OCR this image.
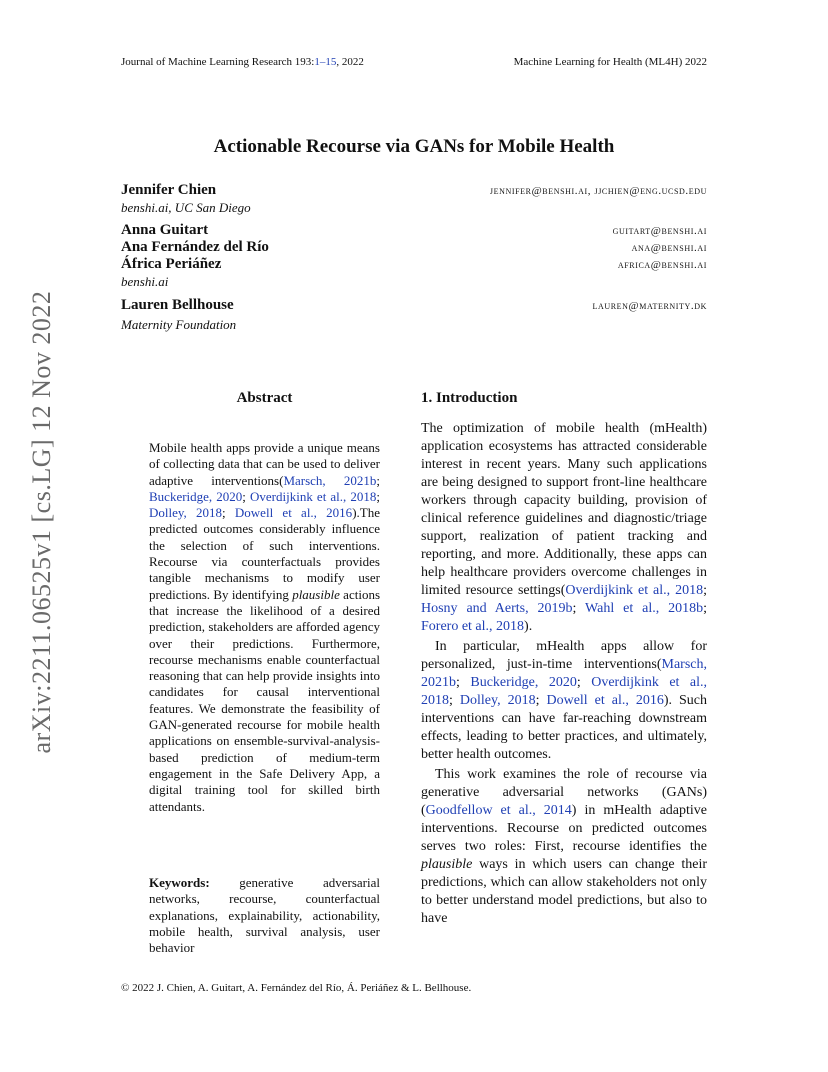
Journal of Machine Learning Research 193:1–15, 2022	Machine Learning for Health (ML4H) 2022
arXiv:2211.06525v1 [cs.LG] 12 Nov 2022
Actionable Recourse via GANs for Mobile Health
Jennifer Chien	jennifer@benshi.ai, jjchien@eng.ucsd.edu
benshi.ai, UC San Diego
Anna Guitart	guitart@benshi.ai
Ana Fernández del Río	ana@benshi.ai
África Periáñez	africa@benshi.ai
benshi.ai
Lauren Bellhouse	lauren@maternity.dk
Maternity Foundation
Abstract
Mobile health apps provide a unique means of collecting data that can be used to deliver adaptive interventions(Marsch, 2021b; Buckeridge, 2020; Overdijkink et al., 2018; Dolley, 2018; Dowell et al., 2016).The predicted outcomes considerably influence the selection of such interventions. Recourse via counterfactuals provides tangible mechanisms to modify user predictions. By identifying plausible actions that increase the likelihood of a desired prediction, stakeholders are afforded agency over their predictions. Furthermore, recourse mechanisms enable counterfactual reasoning that can help provide insights into candidates for causal interventional features. We demonstrate the feasibility of GAN-generated recourse for mobile health applications on ensemble-survival-analysis-based prediction of medium-term engagement in the Safe Delivery App, a digital training tool for skilled birth attendants.
Keywords: generative adversarial networks, recourse, counterfactual explanations, explainability, actionability, mobile health, survival analysis, user behavior
1. Introduction

The optimization of mobile health (mHealth) application ecosystems has attracted considerable interest in recent years. Many such applications are being designed to support front-line healthcare workers through capacity building, provision of clinical reference guidelines and diagnostic/triage support, realization of patient tracking and reporting, and more. Additionally, these apps can help healthcare providers overcome challenges in limited resource settings(Overdijkink et al., 2018; Hosny and Aerts, 2019b; Wahl et al., 2018b; Forero et al., 2018).

In particular, mHealth apps allow for personalized, just-in-time interventions(Marsch, 2021b; Buckeridge, 2020; Overdijkink et al., 2018; Dolley, 2018; Dowell et al., 2016). Such interventions can have far-reaching downstream effects, leading to better practices, and ultimately, better health outcomes.

This work examines the role of recourse via generative adversarial networks (GANs) (Goodfellow et al., 2014) in mHealth adaptive interventions. Recourse on predicted outcomes serves two roles: First, recourse identifies the plausible ways in which users can change their predictions, which can allow stakeholders not only to better understand model predictions, but also to have

© 2022 J. Chien, A. Guitart, A. Fernández del Río, Á. Periáñez & L. Bellhouse.
